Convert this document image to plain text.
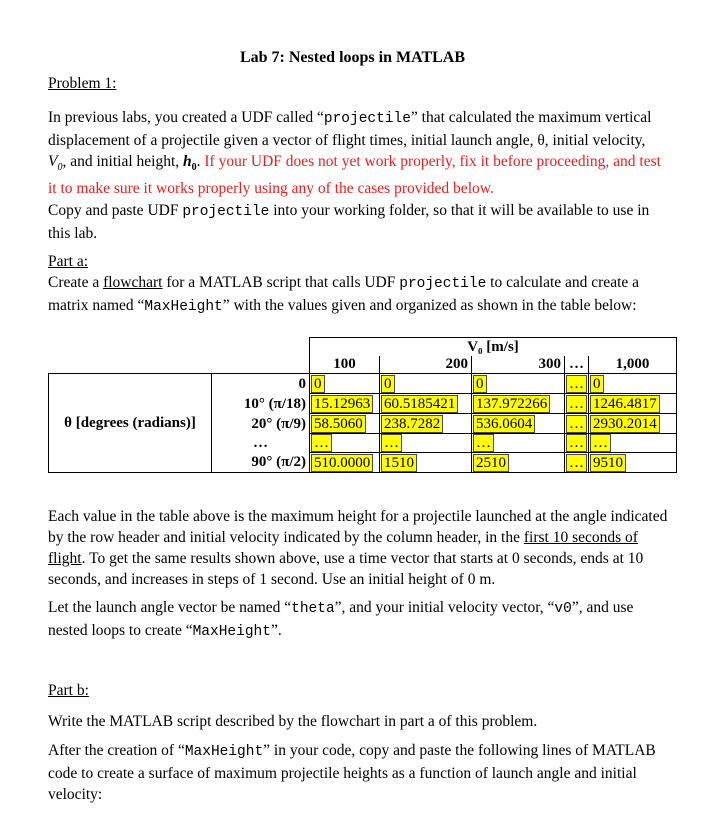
Lab 7: Nested loops in MATLAB
Problem 1:
In previous labs, you created a UDF called “projectile” that calculated the maximum vertical displacement of a projectile given a vector of flight times, initial launch angle, θ, initial velocity, $V_0$, and initial height, $h_0$. If your UDF does not yet work properly, fix it before proceeding, and test it to make sure it works properly using any of the cases provided below.
Copy and paste UDF projectile into your working folder, so that it will be available to use in this lab.
Part a:
Create a flowchart for a MATLAB script that calls UDF projectile to calculate and create a matrix named “MaxHeight” with the values given and organized as shown in the table below:
		V₀ [m/s]				
		100	200	300	…	1,000
θ [degrees (radians)]	0	0	0	0	…	0
	10° (π/18)	15.12963	60.5185421	137.972266	…	1246.4817
	20° (π/9)	58.5060	238.7282	536.0604	…	2930.2014
	…	…	…	…	…	…
	90° (π/2)	510.0000	1510	2510	…	9510
Each value in the table above is the maximum height for a projectile launched at the angle indicated by the row header and initial velocity indicated by the column header, in the first 10 seconds of flight. To get the same results shown above, use a time vector that starts at 0 seconds, ends at 10 seconds, and increases in steps of 1 second. Use an initial height of 0 m.
Let the launch angle vector be named “theta”, and your initial velocity vector, “v0”, and use nested loops to create “MaxHeight”.
Part b:
Write the MATLAB script described by the flowchart in part a of this problem.
After the creation of “MaxHeight” in your code, copy and paste the following lines of MATLAB code to create a surface of maximum projectile heights as a function of launch angle and initial velocity:
